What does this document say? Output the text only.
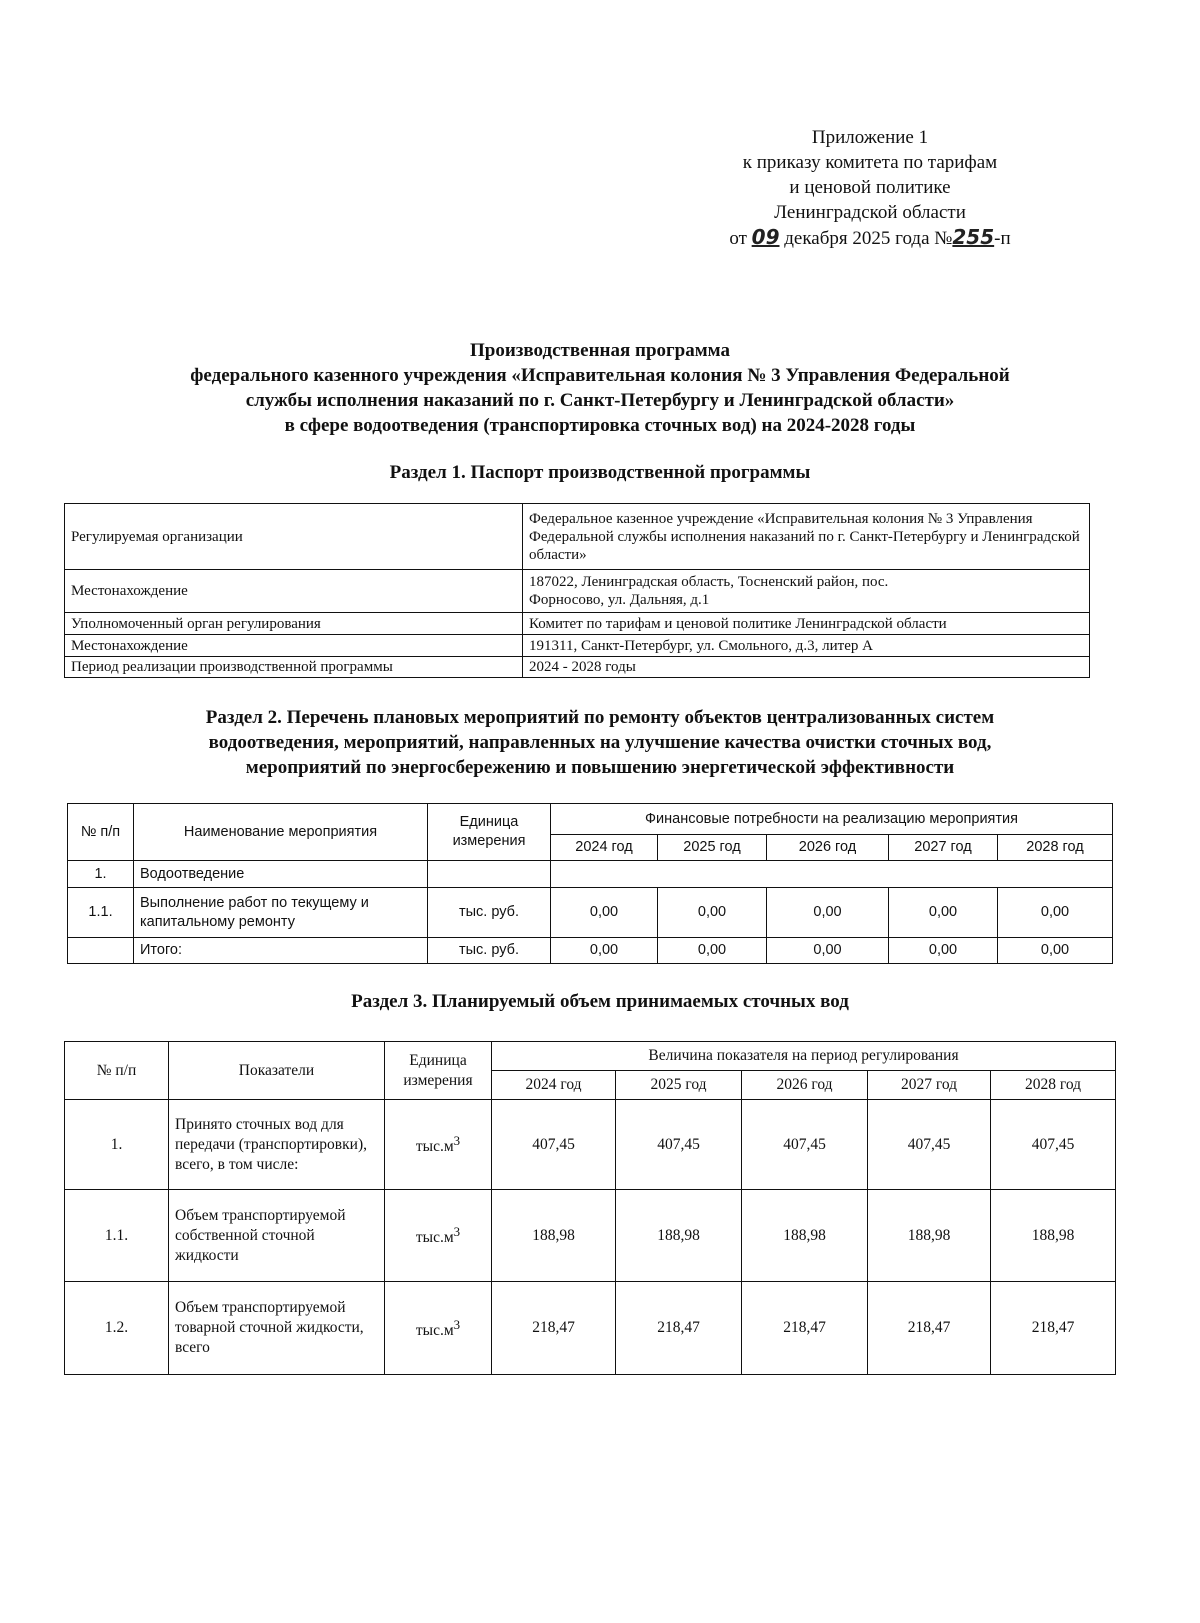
Приложение 1
к приказу комитета по тарифам
и ценовой политике
Ленинградской области
от 09 декабря 2025 года №255-п
Производственная программа
федерального казенного учреждения «Исправительная колония № 3 Управления Федеральной
службы исполнения наказаний по г. Санкт-Петербургу и Ленинградской области»
в сфере водоотведения (транспортировка сточных вод) на 2024-2028 годы
Раздел 1. Паспорт производственной программы
Регулируемая организации	Федеральное казенное учреждение «Исправительная колония № 3 Управления Федеральной службы исполнения наказаний по г. Санкт-Петербургу и Ленинградской области»
Местонахождение	187022, Ленинградская область, Тосненский район, пос. Форносово, ул. Дальняя, д.1
Уполномоченный орган регулирования	Комитет по тарифам и ценовой политике Ленинградской области
Местонахождение	191311, Санкт-Петербург, ул. Смольного, д.3, литер А
Период реализации производственной программы	2024 - 2028 годы
Раздел 2. Перечень плановых мероприятий по ремонту объектов централизованных систем
водоотведения, мероприятий, направленных на улучшение качества очистки сточных вод,
мероприятий по энергосбережению и повышению энергетической эффективности
№ п/п	Наименование мероприятия	Единица измерения	Финансовые потребности на реализацию мероприятия				
			2024 год	2025 год	2026 год	2027 год	2028 год
1.	Водоотведение						
1.1.	Выполнение работ по текущему и капитальному ремонту	тыс. руб.	0,00	0,00	0,00	0,00	0,00
	Итого:	тыс. руб.	0,00	0,00	0,00	0,00	0,00
Раздел 3. Планируемый объем принимаемых сточных вод
№ п/п	Показатели	Единица измерения	Величина показателя на период регулирования				
			2024 год	2025 год	2026 год	2027 год	2028 год
1.	Принято сточных вод для передачи (транспортировки), всего, в том числе:	$тыс.м^3$	407,45	407,45	407,45	407,45	407,45
1.1.	Объем транспортируемой собственной сточной жидкости	$тыс.м^3$	188,98	188,98	188,98	188,98	188,98
1.2.	Объем транспортируемой товарной сточной жидкости, всего	$тыс.м^3$	218,47	218,47	218,47	218,47	218,47
